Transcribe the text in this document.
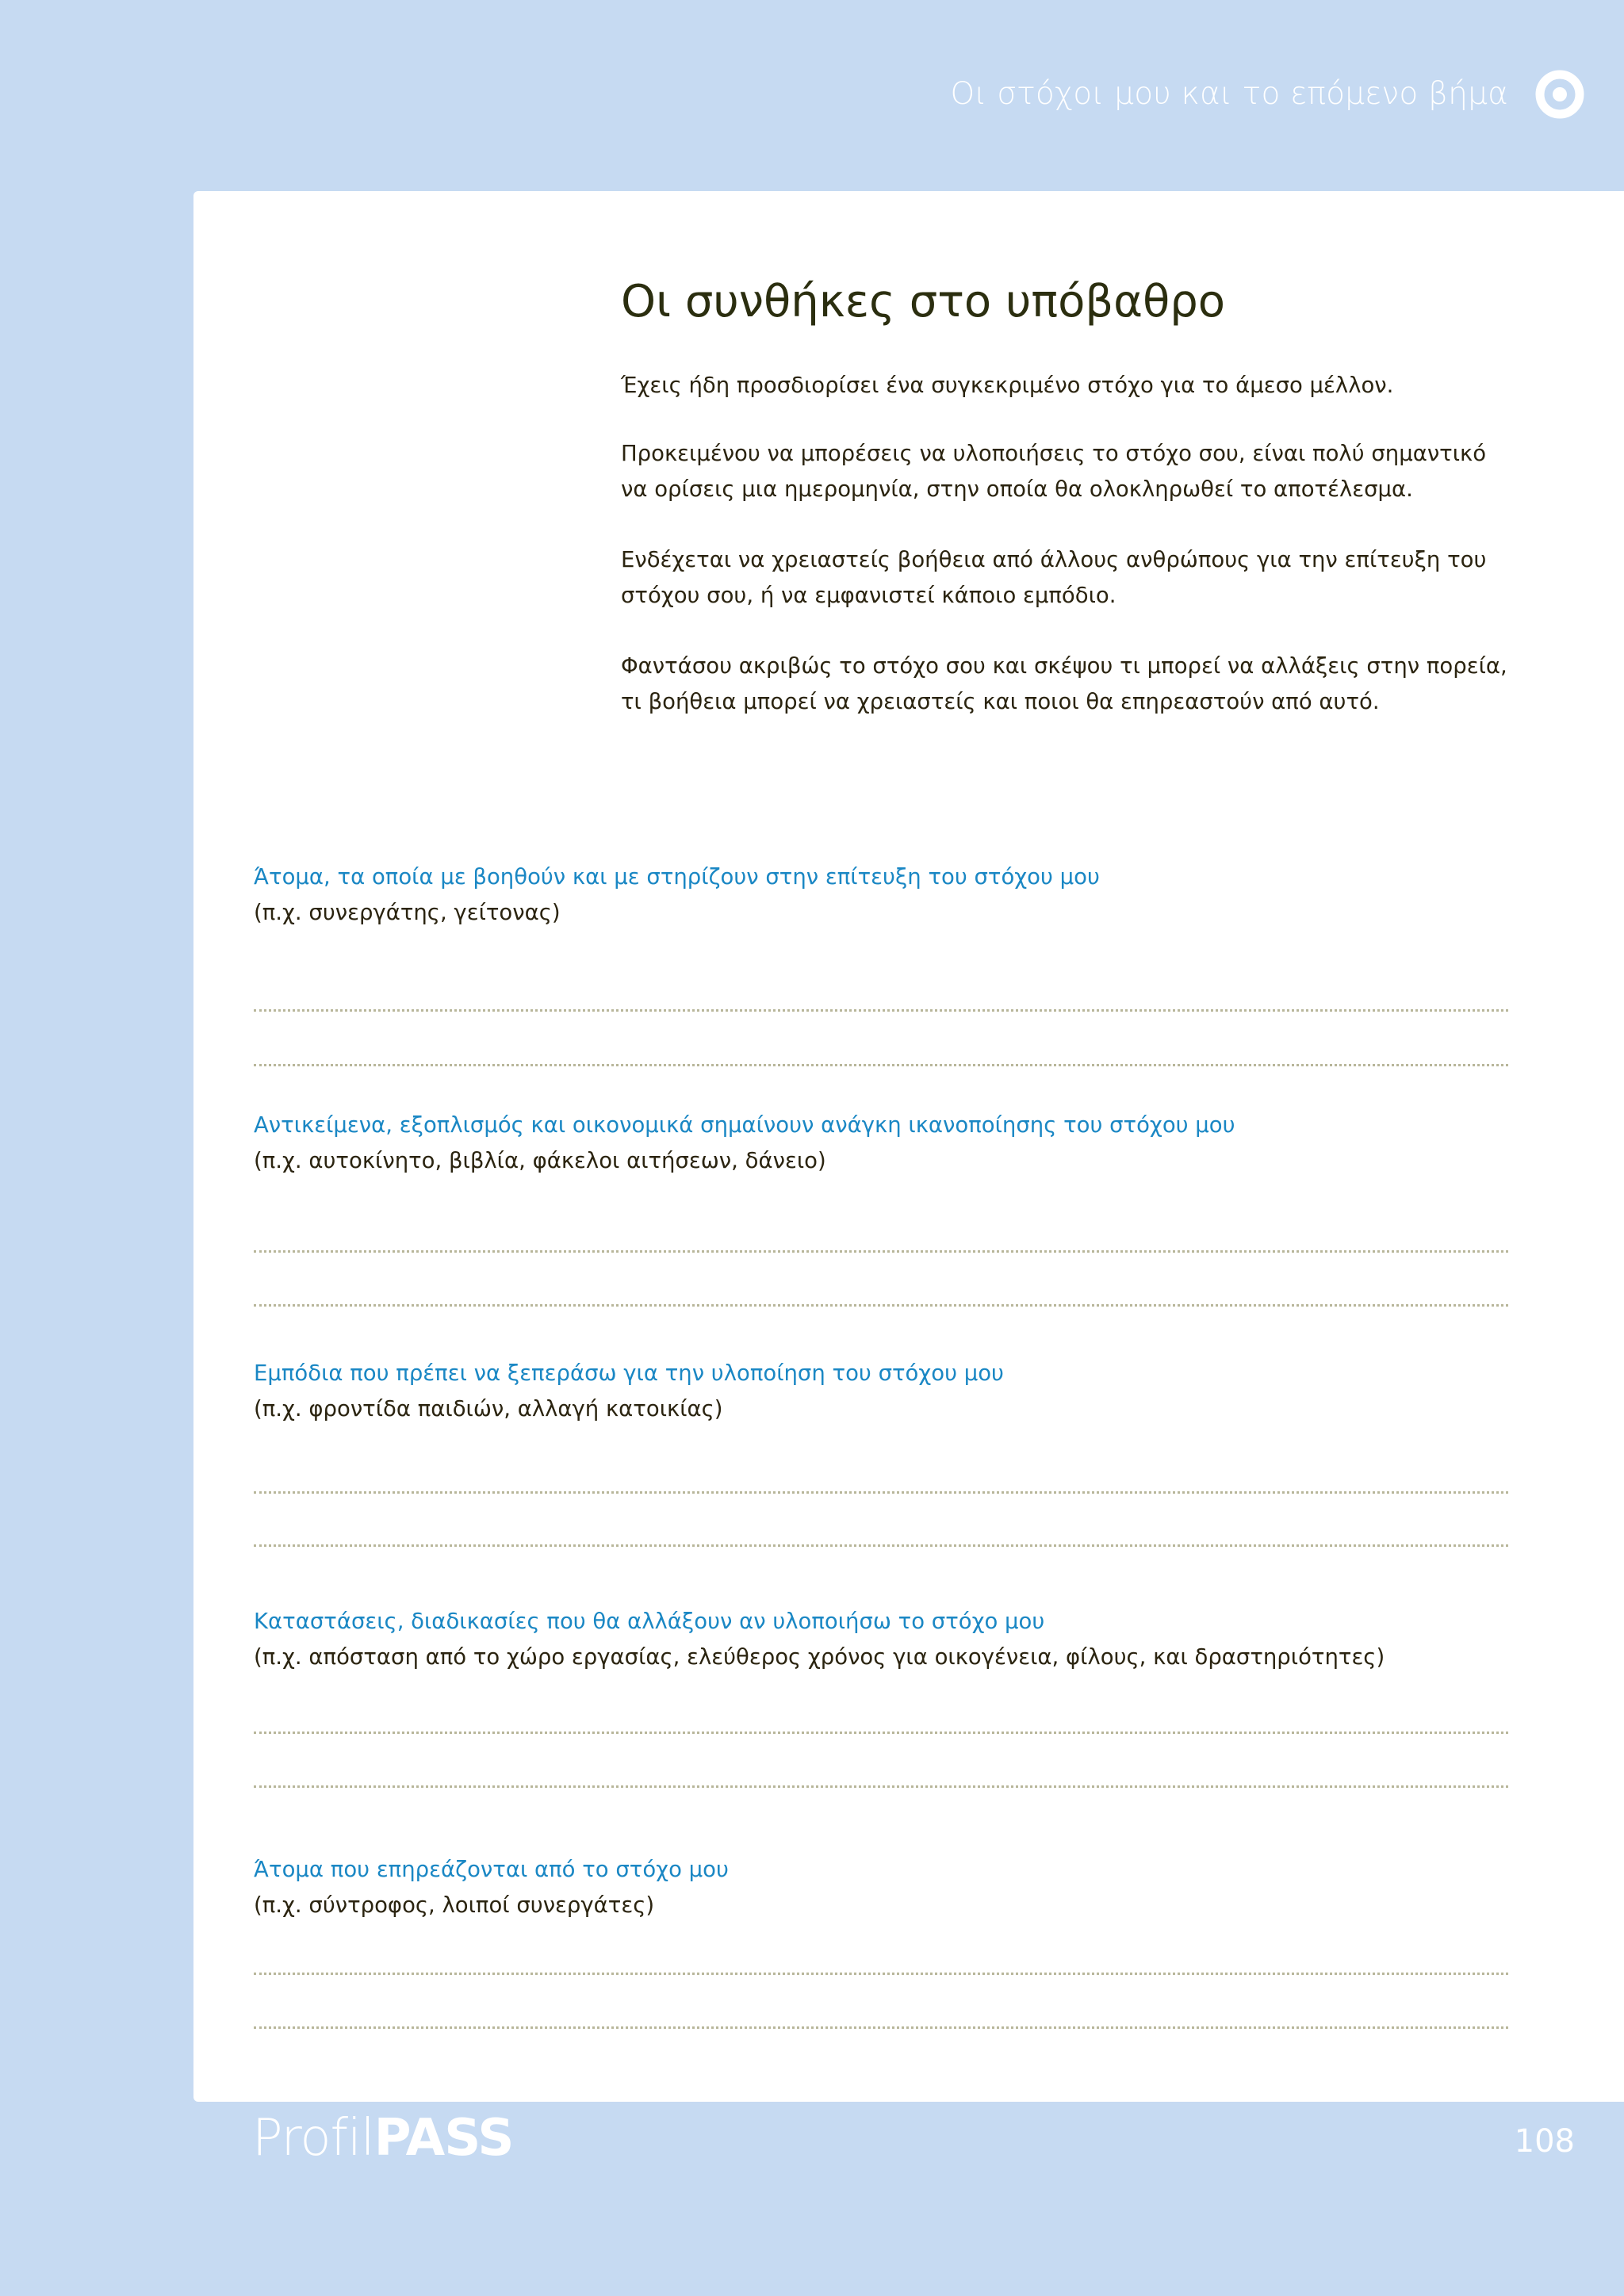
Οι στόχοι μου και το επόμενο βήμα
Οι συνθήκες στο υπόβαθρο
Έχεις ήδη προσδιορίσει ένα συγκεκριμένο στόχο για το άμεσο μέλλον.
Προκειμένου να μπορέσεις να υλοποιήσεις το στόχο σου, είναι πολύ σημαντικό να ορίσεις μια ημερομηνία, στην οποία θα ολοκληρωθεί το αποτέλεσμα.
Ενδέχεται να χρειαστείς βοήθεια από άλλους ανθρώπους για την επίτευξη του στόχου σου, ή να εμφανιστεί κάποιο εμπόδιο.
Φαντάσου ακριβώς το στόχο σου και σκέψου τι μπορεί να αλλάξεις στην πορεία, τι βοήθεια μπορεί να χρειαστείς και ποιοι θα επηρεαστούν από αυτό.
Άτομα, τα οποία με βοηθούν και με στηρίζουν στην επίτευξη του στόχου μου
(π.χ. συνεργάτης, γείτονας)
Αντικείμενα, εξοπλισμός και οικονομικά σημαίνουν ανάγκη ικανοποίησης του στόχου μου
(π.χ. αυτοκίνητο, βιβλία, φάκελοι αιτήσεων, δάνειο)
Εμπόδια που πρέπει να ξεπεράσω για την υλοποίηση του στόχου μου
(π.χ. φροντίδα παιδιών, αλλαγή κατοικίας)
Καταστάσεις, διαδικασίες που θα αλλάξουν αν υλοποιήσω το στόχο μου
(π.χ. απόσταση από το χώρο εργασίας, ελεύθερος χρόνος για οικογένεια, φίλους, και δραστηριότητες)
Άτομα που επηρεάζονται από το στόχο μου
(π.χ. σύντροφος, λοιποί συνεργάτες)
ProfilPASS	108
